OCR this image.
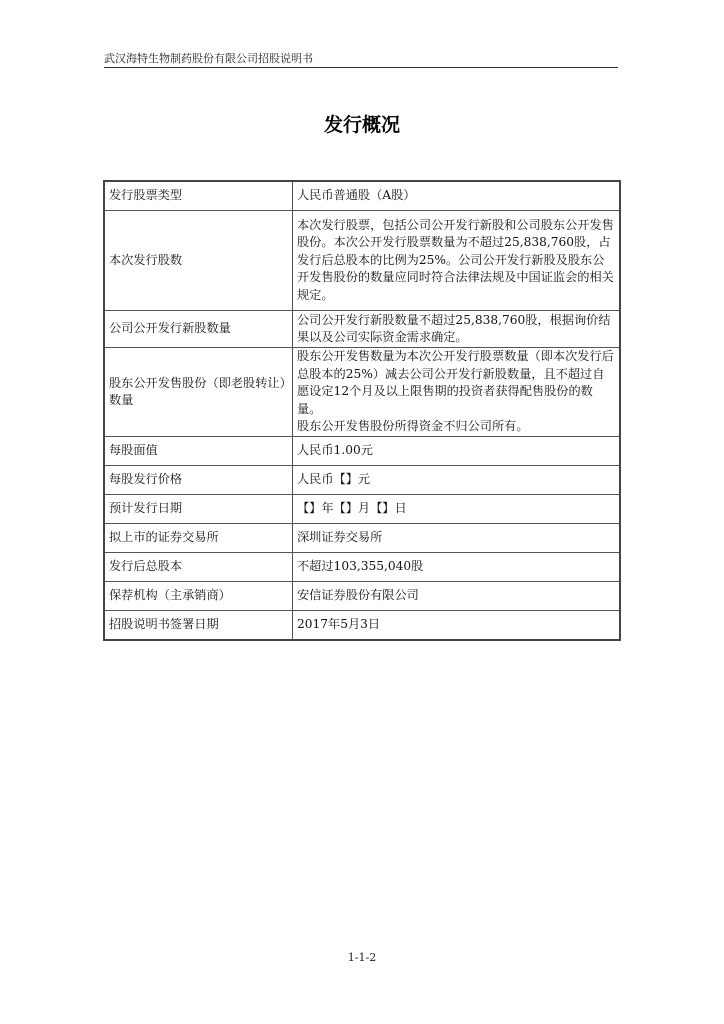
武汉海特生物制药股份有限公司招股说明书
发行概况
发行股票类型	人民币普通股（A股）
本次发行股数	本次发行股票，包括公司公开发行新股和公司股东公开发售股份。本次公开发行股票数量为不超过25,838,760股，占发行后总股本的比例为25%。公司公开发行新股及股东公开发售股份的数量应同时符合法律法规及中国证监会的相关规定。
公司公开发行新股数量	公司公开发行新股数量不超过25,838,760股，根据询价结果以及公司实际资金需求确定。
股东公开发售股份（即老股转让）数量	股东公开发售数量为本次公开发行股票数量（即本次发行后总股本的25%）减去公司公开发行新股数量，且不超过自愿设定12个月及以上限售期的投资者获得配售股份的数量。
股东公开发售股份所得资金不归公司所有。

每股面值	人民币1.00元
每股发行价格	人民币【】元
预计发行日期	【】年【】月【】日
拟上市的证券交易所	深圳证券交易所
发行后总股本	不超过103,355,040股
保荐机构（主承销商）	安信证券股份有限公司
招股说明书签署日期	2017年5月3日
1-1-2
